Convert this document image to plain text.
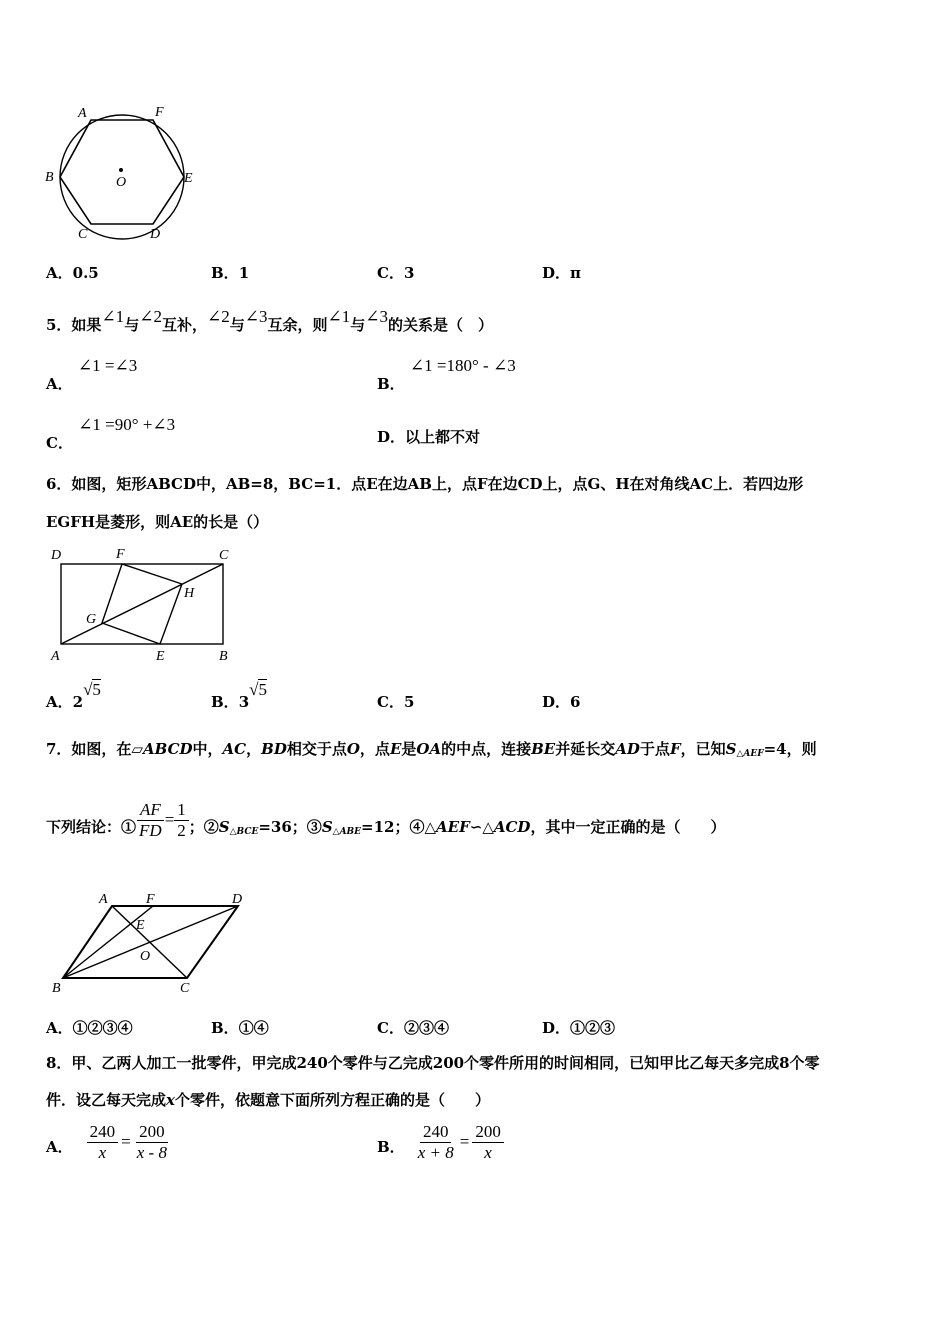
A	F
B	O	E
C	D
A．0.5	B．1	C．3	D．π
5．如果∠1与∠2互补，∠2与∠3互余，则∠1与∠3的关系是（　）
A． ∠1 =∠3
B． ∠1 =180° - ∠3
C． ∠1 =90° +∠3
D．以上都不对
6．如图，矩形ABCD中，AB=8，BC=1．点E在边AB上，点F在边CD上，点G、H在对角线AC上．若四边形
EGFH是菱形，则AE的长是（）
D	F	C
H
G
A	E	B
A．2√5
B．3√5
C．5	D．6
7．如图，在▱ABCD中，AC，BD相交于点O，点E是OA的中点，连接BE并延长交AD于点F，已知$S_{\triangle AEF}=4$，则
下列结论：① $\frac{AF}{FD} = \frac{1}{2}$ ；$②S_{\triangle BCE}=36$；$③S_{\triangle ABE}=12$；④△AEF∽△ACD，其中一定正确的是（　　）
A	F	D
E
O
B	C
A．①②③④	B．①④	C．②③④	D．①②③
8．甲、乙两人加工一批零件，甲完成240个零件与乙完成200个零件所用的时间相同，已知甲比乙每天多完成8个零
件．设乙每天完成x个零件，依题意下面所列方程正确的是（　　）
A． $\frac{240}{x} = \frac{200}{x - 8}$	B． $\frac{240}{x + 8} = \frac{200}{x}$
